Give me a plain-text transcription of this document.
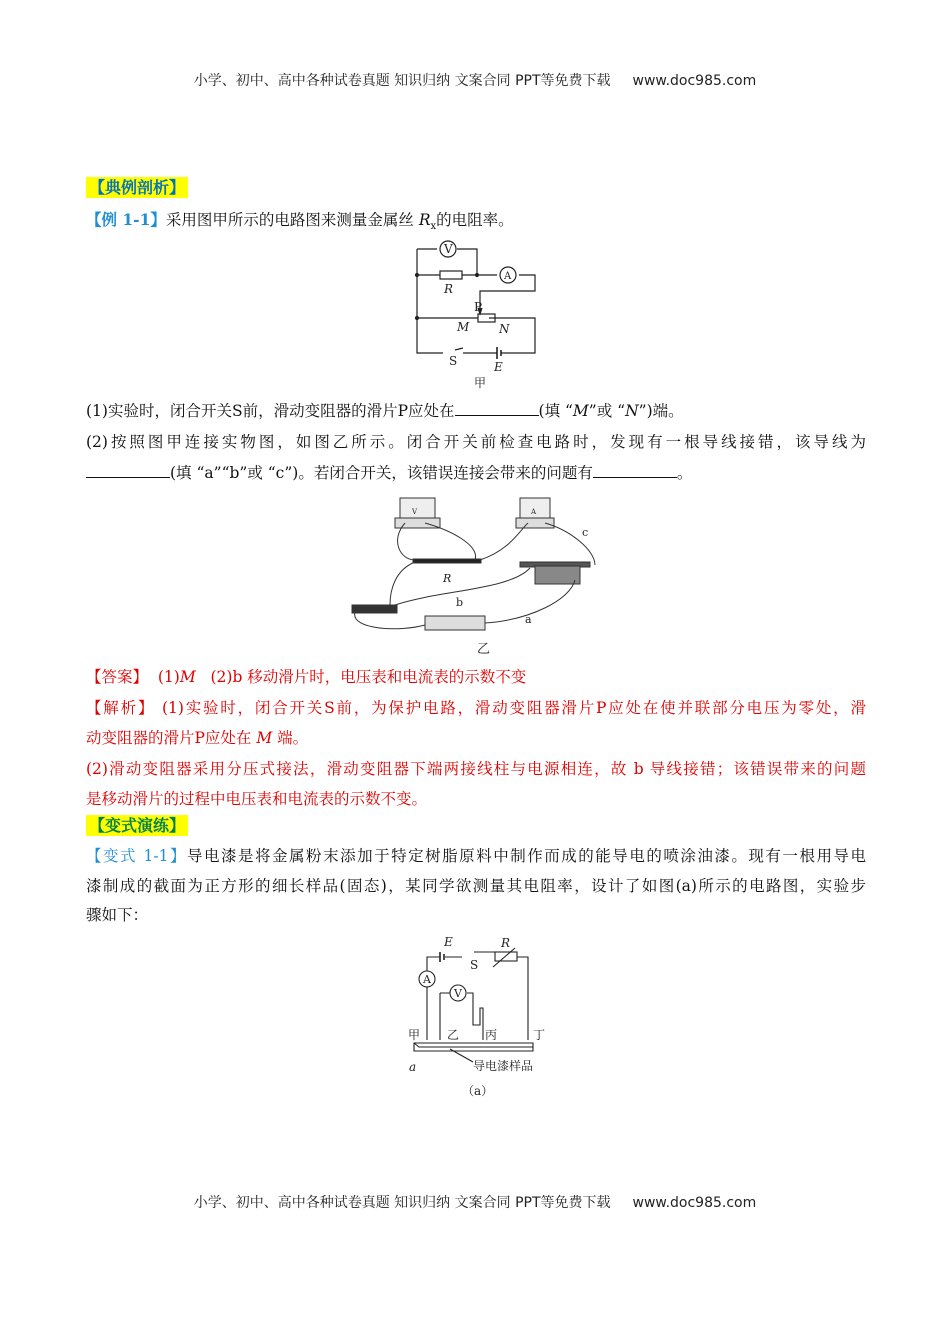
小学、初中、高中各种试卷真题 知识归纳 文案合同 PPT等免费下载 www.doc985.com
【典例剖析】
【例 1-1】采用图甲所示的电路图来测量金属丝 $R_x$的电阻率。
V
A
R
P
M N
S	E
甲
(1)实验时，闭合开关S前，滑动变阻器的滑片P应处在	(填 “M”或 “N”)端。
(2)按照图甲连接实物图，如图乙所示。闭合开关前检查电路时，发现有一根导线接错，该导线为
(填 “a”“b”或 “c”)。若闭合开关，该错误连接会带来的问题有	。
V	A
R
b
a
c
乙
【答案】 (1)M (2)b 移动滑片时，电压表和电流表的示数不变
【解析】 (1)实验时，闭合开关S前，为保护电路，滑动变阻器滑片P应处在使并联部分电压为零处，滑
动变阻器的滑片P应处在 M 端。
(2)滑动变阻器采用分压式接法，滑动变阻器下端两接线柱与电源相连，故 b 导线接错；该错误带来的问题
是移动滑片的过程中电压表和电流表的示数不变。
【变式演练】
【变式 1-1】导电漆是将金属粉末添加于特定树脂原料中制作而成的能导电的喷涂油漆。现有一根用导电
漆制成的截面为正方形的细长样品(固态)，某同学欲测量其电阻率，设计了如图(a)所示的电路图，实验步
骤如下：
E
S
R
A
V
甲 乙 丙	丁
a	导电漆样品
（a）
小学、初中、高中各种试卷真题 知识归纳 文案合同 PPT等免费下载 www.doc985.com
